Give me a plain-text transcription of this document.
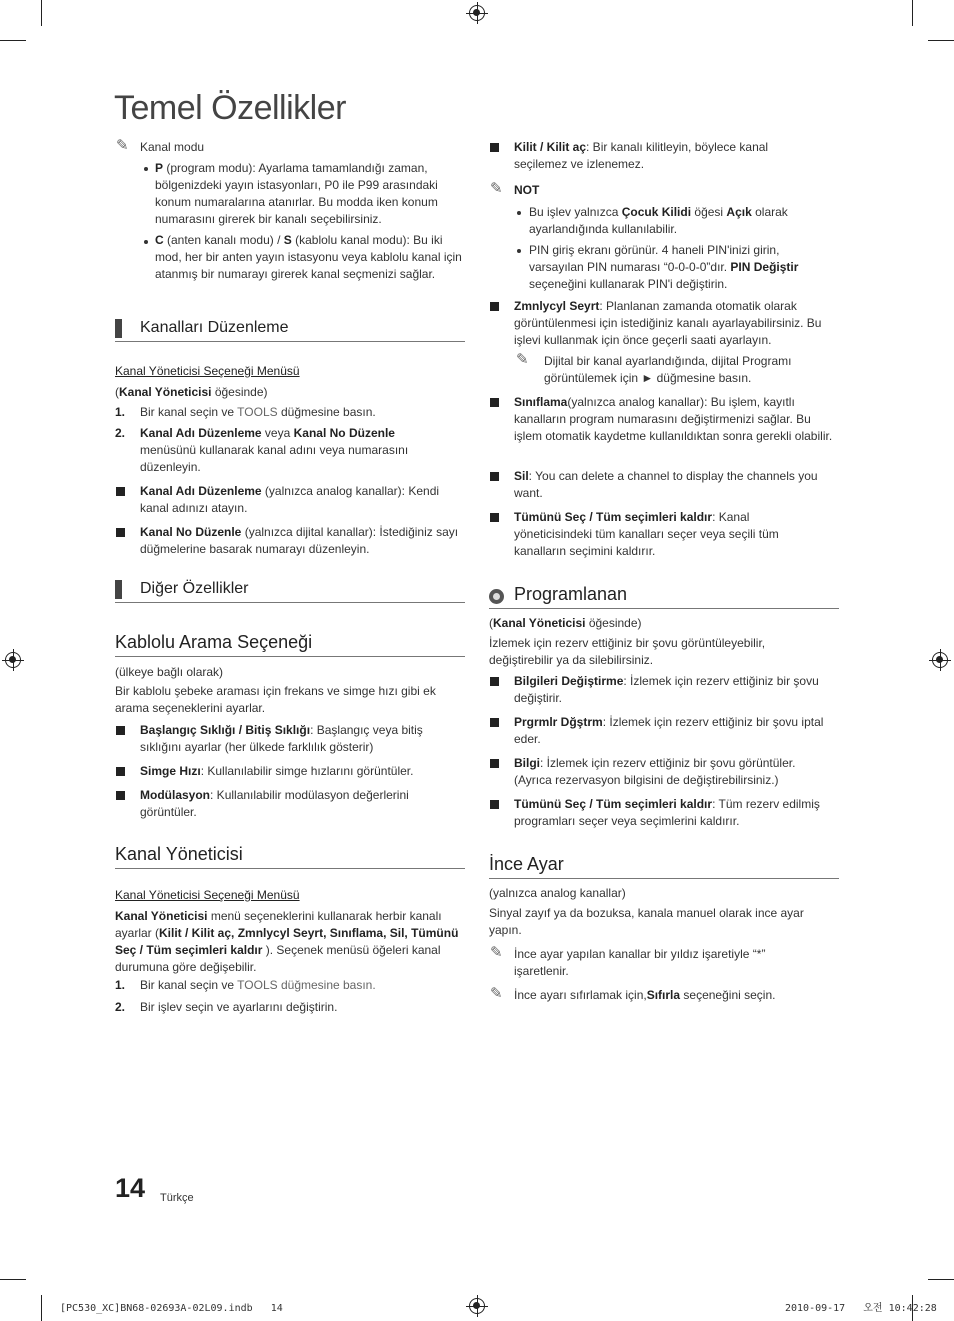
Temel Özellikler
✎ Kanal modu
P (program modu): Ayarlama tamamlandığı zaman, bölgenizdeki yayın istasyonları, P0 ile P99 arasındaki konum numaralarına atanırlar. Bu modda iken konum numarasını girerek bir kanalı seçebilirsiniz.
C (anten kanalı modu) / S (kablolu kanal modu): Bu iki mod, her bir anten yayın istasyonu veya kablolu kanal için atanmış bir numarayı girerek kanal seçmenizi sağlar.
Kanalları Düzenleme
Kanal Yöneticisi Seçeneği Menüsü
(Kanal Yöneticisi öğesinde)
1. Bir kanal seçin ve TOOLS düğmesine basın.
2. Kanal Adı Düzenleme veya Kanal No Düzenle menüsünü kullanarak kanal adını veya numarasını düzenleyin.
Kanal Adı Düzenleme (yalnızca analog kanallar): Kendi kanal adınızı atayın.
Kanal No Düzenle (yalnızca dijital kanallar): İstediğiniz sayı düğmelerine basarak numarayı düzenleyin.
Diğer Özellikler
Kablolu Arama Seçeneği
(ülkeye bağlı olarak)
Bir kablolu şebeke araması için frekans ve simge hızı gibi ek arama seçeneklerini ayarlar.
Başlangıç Sıklığı / Bitiş Sıklığı: Başlangıç veya bitiş sıklığını ayarlar (her ülkede farklılık gösterir)
Simge Hızı: Kullanılabilir simge hızlarını görüntüler.
Modülasyon: Kullanılabilir modülasyon değerlerini görüntüler.
Kanal Yöneticisi
Kanal Yöneticisi Seçeneği Menüsü
Kanal Yöneticisi menü seçeneklerini kullanarak herbir kanalı ayarlar (Kilit / Kilit aç, Zmnlycyl Seyrt, Sınıflama, Sil, Tümünü Seç / Tüm seçimleri kaldır ). Seçenek menüsü öğeleri kanal durumuna göre değişebilir.
1. Bir kanal seçin ve TOOLS düğmesine basın.
2. Bir işlev seçin ve ayarlarını değiştirin.
Kilit / Kilit aç: Bir kanalı kilitleyin, böylece kanal seçilemez ve izlenemez.
✎ NOT
Bu işlev yalnızca Çocuk Kilidi öğesi Açık olarak ayarlandığında kullanılabilir.
PIN giriş ekranı görünür. 4 haneli PIN'inizi girin, varsayılan PIN numarası “0-0-0-0”dır. PIN Değiştir seçeneğini kullanarak PIN'i değiştirin.
Zmnlycyl Seyrt: Planlanan zamanda otomatik olarak görüntülenmesi için istediğiniz kanalı ayarlayabilirsiniz. Bu işlevi kullanmak için önce geçerli saati ayarlayın.
✎ Dijital bir kanal ayarlandığında, dijital Programı görüntülemek için ► düğmesine basın.
Sınıflama(yalnızca analog kanallar): Bu işlem, kayıtlı kanalların program numarasını değiştirmenizi sağlar. Bu işlem otomatik kaydetme kullanıldıktan sonra gerekli olabilir.
Sil: You can delete a channel to display the channels you want.
Tümünü Seç / Tüm seçimleri kaldır: Kanal yöneticisindeki tüm kanalları seçer veya seçili tüm kanalların seçimini kaldırır.
Programlanan
(Kanal Yöneticisi öğesinde)
İzlemek için rezerv ettiğiniz bir şovu görüntüleyebilir, değiştirebilir ya da silebilirsiniz.
Bilgileri Değiştirme: İzlemek için rezerv ettiğiniz bir şovu değiştirir.
Prgrmlr Dğştrm: İzlemek için rezerv ettiğiniz bir şovu iptal eder.
Bilgi: İzlemek için rezerv ettiğiniz bir şovu görüntüler. (Ayrıca rezervasyon bilgisini de değiştirebilirsiniz.)
Tümünü Seç / Tüm seçimleri kaldır: Tüm rezerv edilmiş programları seçer veya seçimlerini kaldırır.
İnce Ayar
(yalnızca analog kanallar)
Sinyal zayıf ya da bozuksa, kanala manuel olarak ince ayar yapın.
✎ İnce ayar yapılan kanallar bir yıldız işaretiyle “*” işaretlenir.
✎ İnce ayarı sıfırlamak için,Sıfırla seçeneğini seçin.
14 Türkçe
[PC530_XC]BN68-02693A-02L09.indb   14	2010-09-17   오전 10:42:28
